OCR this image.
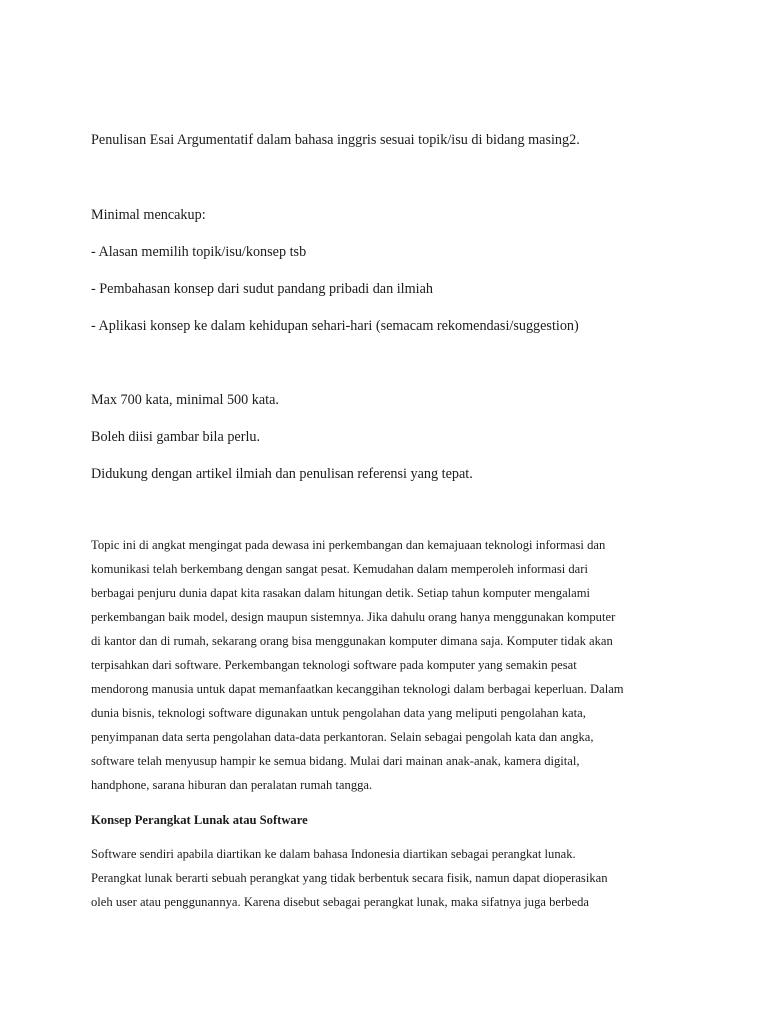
Penulisan Esai Argumentatif dalam bahasa inggris sesuai topik/isu di bidang masing2.

Minimal mencakup:

- Alasan memilih topik/isu/konsep tsb

- Pembahasan konsep dari sudut pandang pribadi dan ilmiah

- Aplikasi konsep ke dalam kehidupan sehari-hari (semacam rekomendasi/suggestion)

Max 700 kata, minimal 500 kata.

Boleh diisi gambar bila perlu.

Didukung dengan artikel ilmiah dan penulisan referensi yang tepat.

Topic ini di angkat mengingat pada dewasa ini perkembangan dan kemajuaan teknologi informasi dan

komunikasi telah berkembang dengan sangat pesat. Kemudahan dalam memperoleh informasi dari

berbagai penjuru dunia dapat kita rasakan dalam hitungan detik. Setiap tahun komputer mengalami

perkembangan baik model, design maupun sistemnya. Jika dahulu orang hanya menggunakan komputer

di kantor dan di rumah, sekarang orang bisa menggunakan komputer dimana saja. Komputer tidak akan

terpisahkan dari software. Perkembangan teknologi software pada komputer yang semakin pesat

mendorong manusia untuk dapat memanfaatkan kecanggihan teknologi dalam berbagai keperluan. Dalam

dunia bisnis, teknologi software digunakan untuk pengolahan data yang meliputi pengolahan kata,

penyimpanan data serta pengolahan data-data perkantoran. Selain sebagai pengolah kata dan angka,

software telah menyusup hampir ke semua bidang. Mulai dari mainan anak-anak, kamera digital,

handphone, sarana hiburan dan peralatan rumah tangga.

Konsep Perangkat Lunak atau Software

Software sendiri apabila diartikan ke dalam bahasa Indonesia diartikan sebagai perangkat lunak.

Perangkat lunak berarti sebuah perangkat yang tidak berbentuk secara fisik, namun dapat dioperasikan

oleh user atau penggunannya. Karena disebut sebagai perangkat lunak, maka sifatnya juga berbeda
